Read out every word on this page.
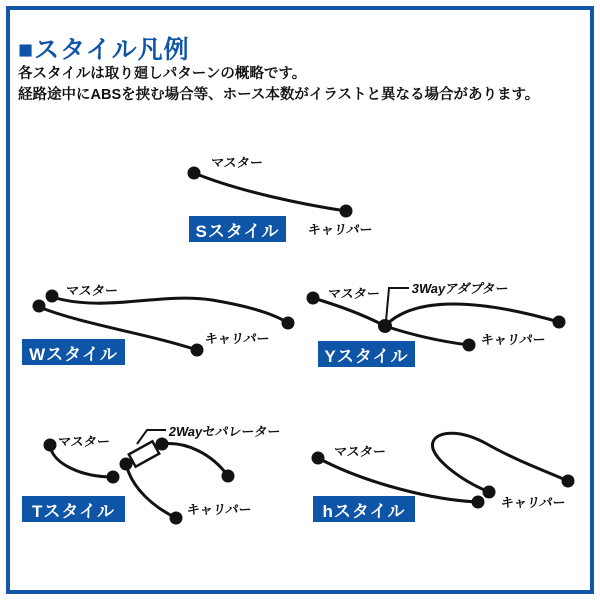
■スタイル凡例
各スタイルは取り廻しパターンの概略です。
経路途中にABSを挟む場合等、ホース本数がイラストと異なる場合があります。
マスター
キャリパー
Sスタイル
マスター
キャリパー
Wスタイル
マスター 3Wayアダプター
キャリパー
Yスタイル
マスター
2Wayセパレーター
キャリパー
Tスタイル
マスター
キャリパー
hスタイル
